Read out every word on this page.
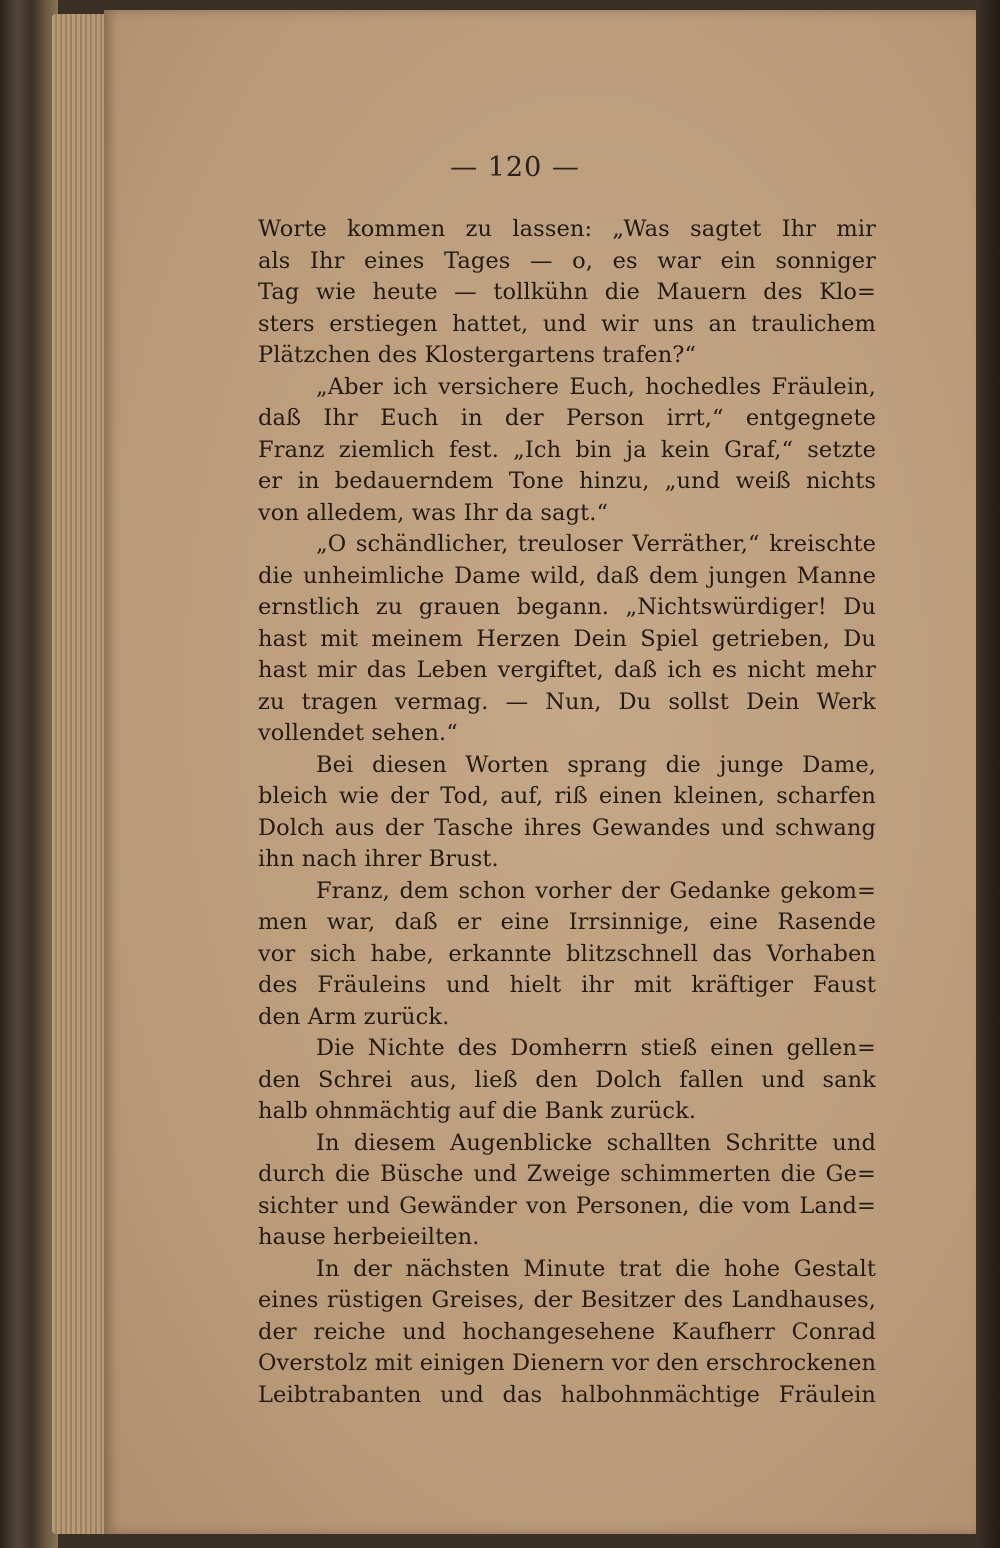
— 120 —
Worte kommen zu lassen: „Was sagtet Ihr mir
als Ihr eines Tages — o, es war ein sonniger
Tag wie heute — tollkühn die Mauern des Klo=
sters erstiegen hattet, und wir uns an traulichem
Plätzchen des Klostergartens trafen?“
„Aber ich versichere Euch, hochedles Fräulein,
daß Ihr Euch in der Person irrt,“ entgegnete
Franz ziemlich fest. „Ich bin ja kein Graf,“ setzte
er in bedauerndem Tone hinzu, „und weiß nichts
von alledem, was Ihr da sagt.“
„O schändlicher, treuloser Verräther,“ kreischte
die unheimliche Dame wild, daß dem jungen Manne
ernstlich zu grauen begann. „Nichtswürdiger! Du
hast mit meinem Herzen Dein Spiel getrieben, Du
hast mir das Leben vergiftet, daß ich es nicht mehr
zu tragen vermag. — Nun, Du sollst Dein Werk
vollendet sehen.“
Bei diesen Worten sprang die junge Dame,
bleich wie der Tod, auf, riß einen kleinen, scharfen
Dolch aus der Tasche ihres Gewandes und schwang
ihn nach ihrer Brust.
Franz, dem schon vorher der Gedanke gekom=
men war, daß er eine Irrsinnige, eine Rasende
vor sich habe, erkannte blitzschnell das Vorhaben
des Fräuleins und hielt ihr mit kräftiger Faust
den Arm zurück.
Die Nichte des Domherrn stieß einen gellen=
den Schrei aus, ließ den Dolch fallen und sank
halb ohnmächtig auf die Bank zurück.
In diesem Augenblicke schallten Schritte und
durch die Büsche und Zweige schimmerten die Ge=
sichter und Gewänder von Personen, die vom Land=
hause herbeieilten.
In der nächsten Minute trat die hohe Gestalt
eines rüstigen Greises, der Besitzer des Landhauses,
der reiche und hochangesehene Kaufherr Conrad
Overstolz mit einigen Dienern vor den erschrockenen
Leibtrabanten und das halbohnmächtige Fräulein
